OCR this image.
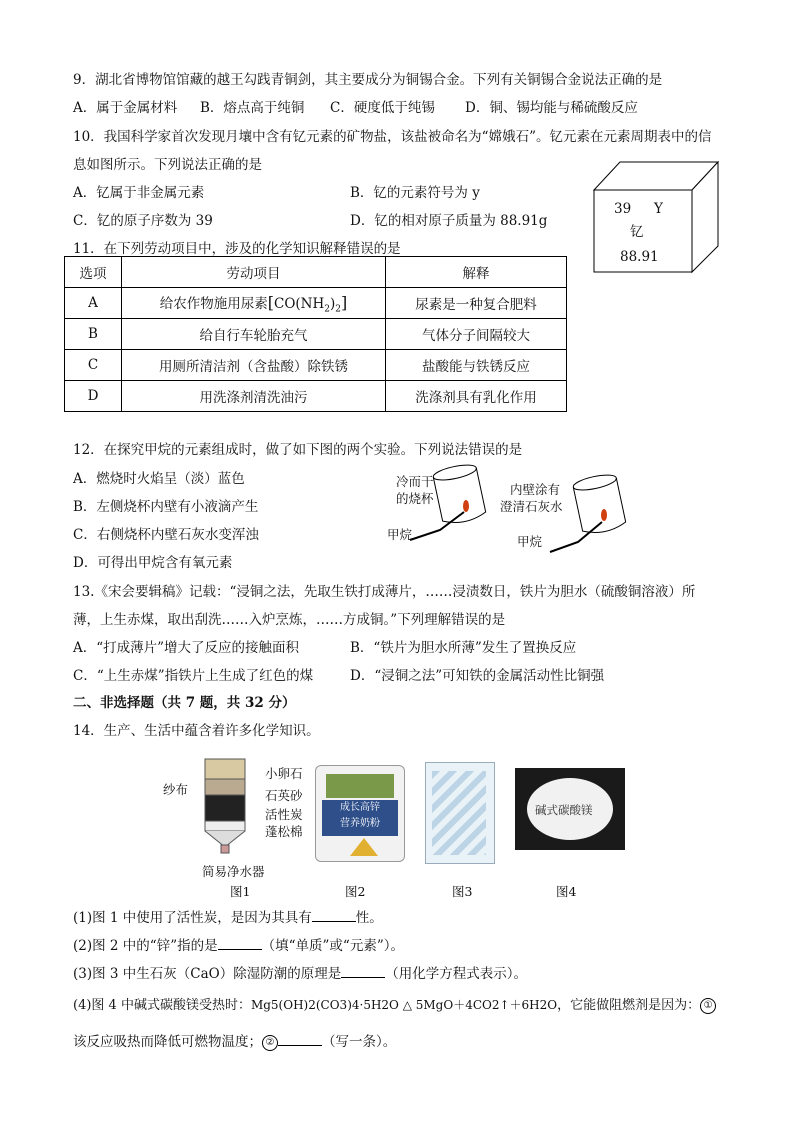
9．湖北省博物馆馆藏的越王勾践青铜剑，其主要成分为铜锡合金。下列有关铜锡合金说法正确的是
A．属于金属材料 B．熔点高于纯铜 C．硬度低于纯锡 D．铜、锡均能与稀硫酸反应
10．我国科学家首次发现月壤中含有钇元素的矿物盐，该盐被命名为“嫦娥石”。钇元素在元素周期表中的信
息如图所示。下列说法正确的是
A．钇属于非金属元素	B．钇的元素符号为 y
C．钇的原子序数为 39	D．钇的相对原子质量为 88.91g
39 Y
钇
88.91
11．在下列劳动项目中，涉及的化学知识解释错误的是
选项	劳动项目	解释
A	给农作物施用尿素$[CO(NH_2)_2]$	尿素是一种复合肥料
B	给自行车轮胎充气	气体分子间隔较大
C	用厕所清洁剂（含盐酸）除铁锈	盐酸能与铁锈反应
D	用洗涤剂清洗油污	洗涤剂具有乳化作用
12．在探究甲烷的元素组成时，做了如下图的两个实验。下列说法错误的是
A．燃烧时火焰呈（淡）蓝色
B．左侧烧杯内壁有小液滴产生
C．右侧烧杯内壁石灰水变浑浊
D．可得出甲烷含有氧元素
冷而干
的烧杯
甲烷
内壁涂有
澄清石灰水
甲烷
13.《宋会要辑稿》记载：“浸铜之法，先取生铁打成薄片，……浸渍数日，铁片为胆水（硫酸铜溶液）所
薄，上生赤煤，取出刮洗……入炉烹炼，……方成铜。”下列理解错误的是
A．“打成薄片”增大了反应的接触面积	B．“铁片为胆水所薄”发生了置换反应
C．“上生赤煤”指铁片上生成了红色的煤	D．“浸铜之法”可知铁的金属活动性比铜强
二、非选择题（共 7 题，共 32 分）
14．生产、生活中蕴含着许多化学知识。
小卵石
石英砂
活性炭
蓬松棉
纱布
简易净水器
图1
成长高锌
营养奶粉
图2	图3
碱式碳酸镁
图4
(1)图 1 中使用了活性炭，是因为其具有	性。
(2)图 2 中的“锌”指的是	（填“单质”或“元素”）。
(3)图 3 中生石灰（CaO）除湿防潮的原理是	（用化学方程式表示）。
(4)图 4 中碱式碳酸镁受热时：Mg5(OH)2(CO3)4·5H2O △ 5MgO＋4CO2↑＋6H2O，它能做阻燃剂是因为： ①
该反应吸热而降低可燃物温度； ②	（写一条）。
